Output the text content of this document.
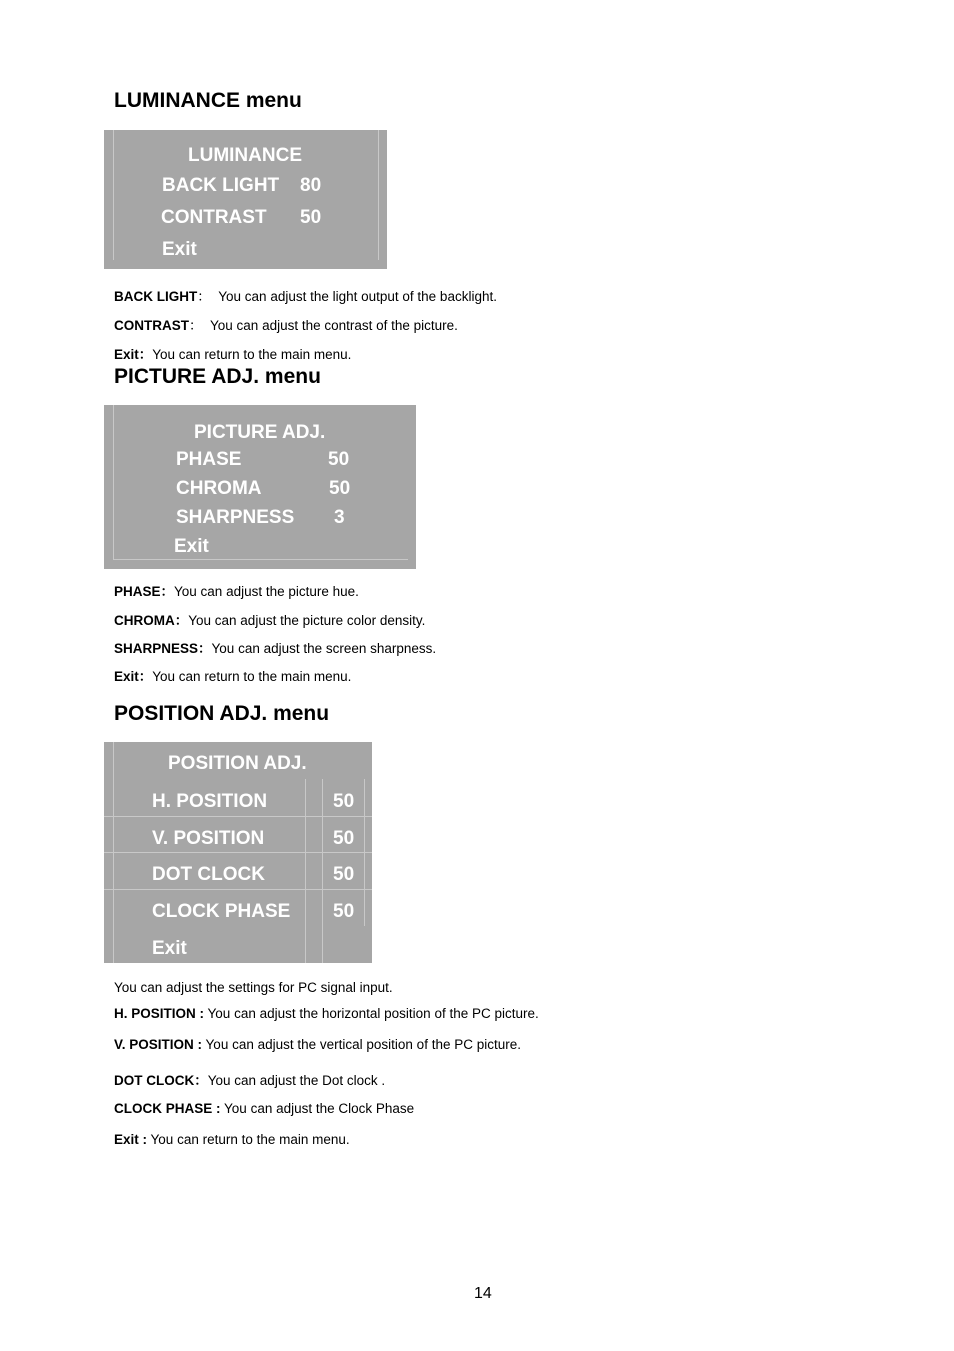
LUMINANCE menu
LUMINANCE
BACK LIGHT 80
CONTRAST 50
Exit
BACK LIGHT： You can adjust the light output of the backlight.
CONTRAST： You can adjust the contrast of the picture.
Exit：You can return to the main menu.
PICTURE ADJ. menu
PICTURE ADJ.
PHASE	50
CHROMA	50
SHARPNESS 3
Exit
PHASE：You can adjust the picture hue.
CHROMA：You can adjust the picture color density.
SHARPNESS：You can adjust the screen sharpness.
Exit：You can return to the main menu.
POSITION ADJ. menu
POSITION ADJ.
H. POSITION	50
V. POSITION	50
DOT CLOCK	50
CLOCK PHASE 50
Exit
You can adjust the settings for PC signal input.
H. POSITION : You can adjust the horizontal position of the PC picture.
V. POSITION : You can adjust the vertical position of the PC picture.
DOT CLOCK：You can adjust the Dot clock .
CLOCK PHASE : You can adjust the Clock Phase
Exit : You can return to the main menu.
14
